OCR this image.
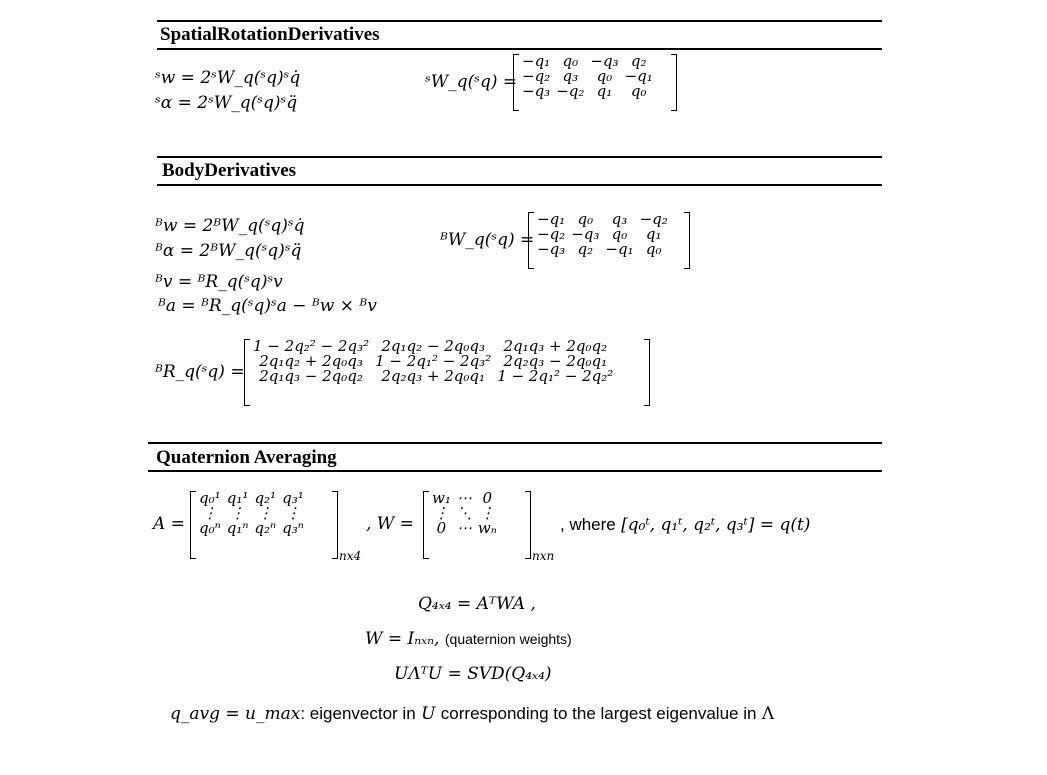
SpatialRotationDerivatives
ˢw = 2ˢW_q(ˢq)ˢq̇
ˢα = 2ˢW_q(ˢq)ˢq̈
ˢW_q(ˢq) =
−q₁	q₀	−q₃	q₂
−q₂	q₃	q₀	−q₁
−q₃	−q₂	q₁	q₀
BodyDerivatives
ᴮw = 2ᴮW_q(ˢq)ˢq̇
ᴮα = 2ᴮW_q(ˢq)ˢq̈
ᴮv = ᴮR_q(ˢq)ˢv
ᴮa = ᴮR_q(ˢq)ˢa − ᴮw × ᴮv
ᴮW_q(ˢq) =
−q₁	q₀	q₃	−q₂
−q₂	−q₃	q₀	q₁
−q₃	q₂	−q₁	q₀
ᴮR_q(ˢq) =
1 − 2q₂² − 2q₃²	2q₁q₂ − 2q₀q₃	2q₁q₃ + 2q₀q₂
2q₁q₂ + 2q₀q₃	1 − 2q₁² − 2q₃²	2q₂q₃ − 2q₀q₁
2q₁q₃ − 2q₀q₂	2q₂q₃ + 2q₀q₁	1 − 2q₁² − 2q₂²
Quaternion Averaging
A =
q₀¹	q₁¹	q₂¹	q₃¹
⋮	⋮	⋮	⋮
q₀ⁿ	q₁ⁿ	q₂ⁿ	q₃ⁿ
nx4
, W =
w₁	⋯	0
⋮	⋱	⋮
0	⋯	wₙ
nxn
, where [q₀ᵗ, q₁ᵗ, q₂ᵗ, q₃ᵗ] = q(t)
Q₄ₓ₄ = AᵀWA ,
W = Iₙₓₙ, (quaternion weights)
UΛᵀU = SVD(Q₄ₓ₄)
q_avg = u_max: eigenvector in U corresponding to the largest eigenvalue in Λ
